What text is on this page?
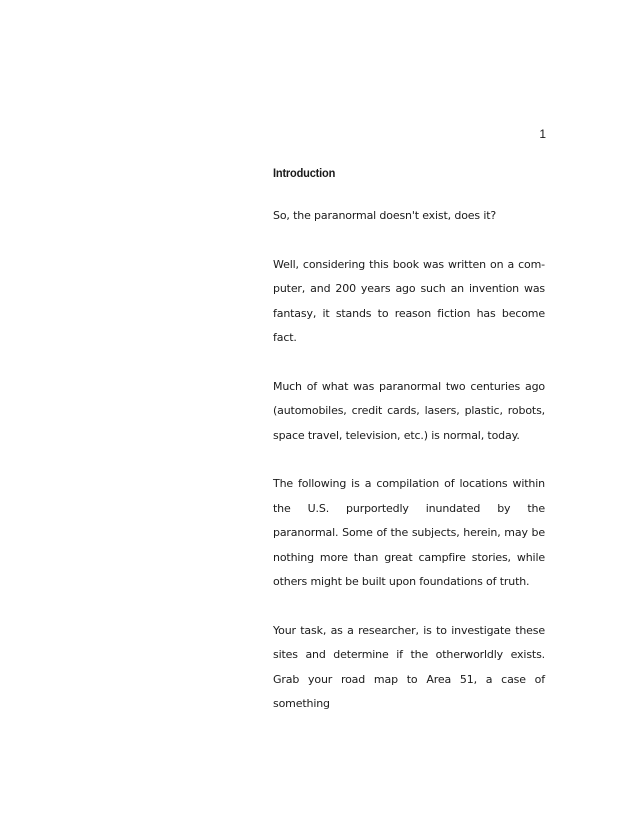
1
Introduction

So, the paranormal doesn't exist, does it?

Well, considering this book was written on a com-puter, and 200 years ago such an invention was fantasy, it stands to reason fiction has become fact.

Much of what was paranormal two centuries ago (automobiles, credit cards, lasers, plastic, robots, space travel, television, etc.) is normal, today.

The following is a compilation of locations within the U.S. purportedly inundated by the paranormal. Some of the subjects, herein, may be nothing more than great campfire stories, while others might be built upon foundations of truth.

Your task, as a researcher, is to investigate these sites and determine if the otherworldly exists. Grab your road map to Area 51, a case of something
